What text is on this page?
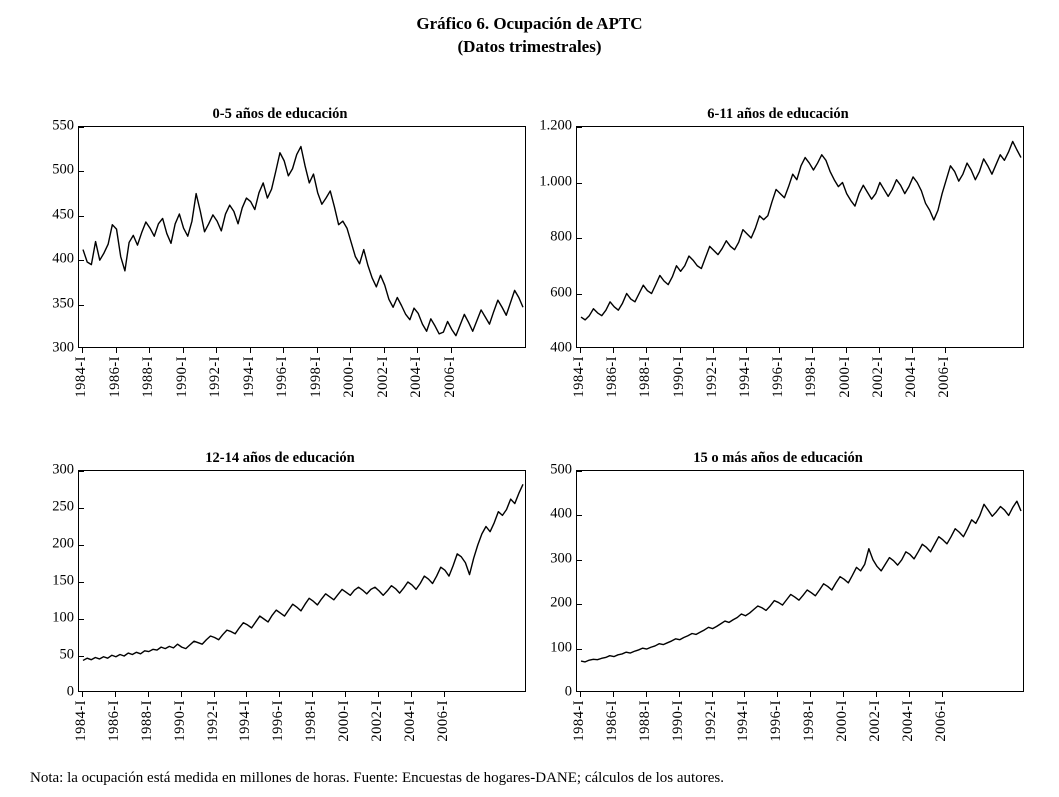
Gráfico 6. Ocupación de APTC
(Datos trimestrales)
0-5 años de educación
300
350
400
450
500
550
1984-I 1986-I 1988-I 1990-I 1992-I 1994-I 1996-I 1998-I 2000-I 2002-I 2004-I 2006-I
6-11 años de educación
400
600
800
1.000
1.200
1984-I 1986-I 1988-I 1990-I 1992-I 1994-I 1996-I 1998-I 2000-I 2002-I 2004-I 2006-I
12-14 años de educación
0
50
100
150
200
250
300
1984-I 1986-I 1988-I 1990-I 1992-I 1994-I 1996-I 1998-I 2000-I 2002-I 2004-I 2006-I
15 o más años de educación
0
100
200
300
400
500
1984-I 1986-I 1988-I 1990-I 1992-I 1994-I 1996-I 1998-I 2000-I 2002-I 2004-I 2006-I
Nota: la ocupación está medida en millones de horas. Fuente: Encuestas de hogares-DANE; cálculos de los autores.
